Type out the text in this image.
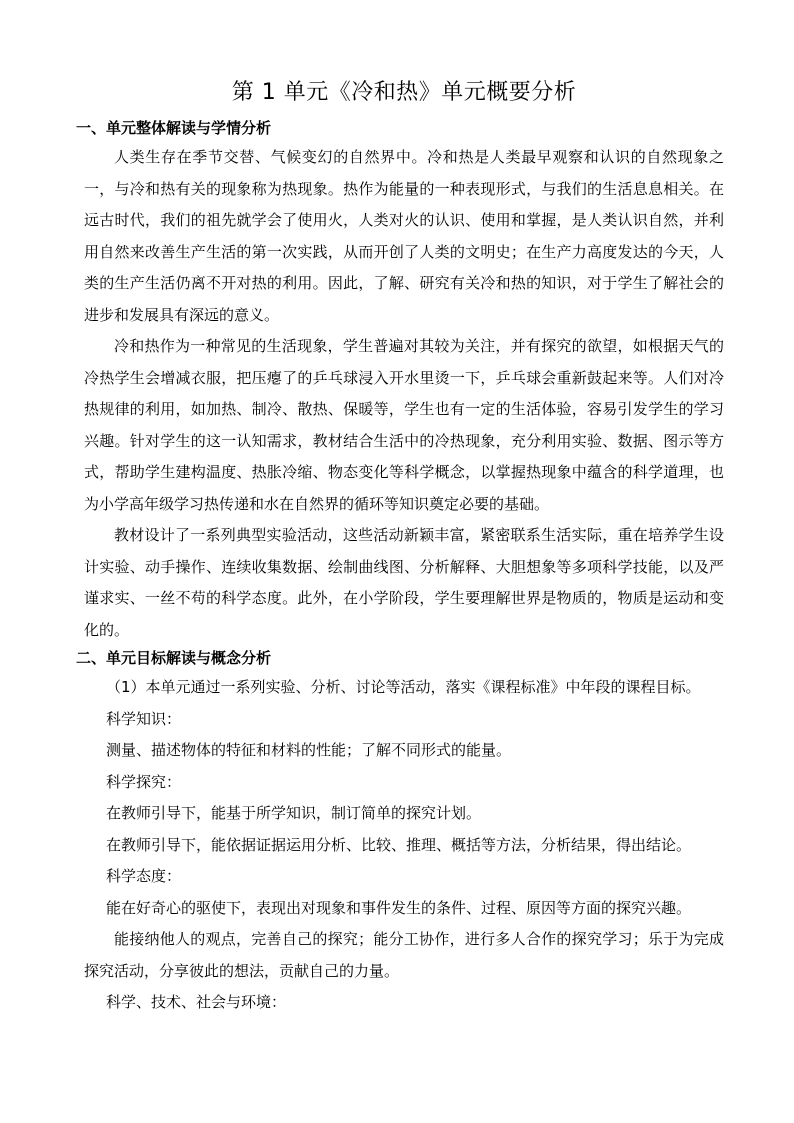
第 1 单元《冷和热》单元概要分析
一、单元整体解读与学情分析

人类生存在季节交替、气候变幻的自然界中。冷和热是人类最早观察和认识的自然现象之一，与冷和热有关的现象称为热现象。热作为能量的一种表现形式，与我们的生活息息相关。在远古时代，我们的祖先就学会了使用火，人类对火的认识、使用和掌握，是人类认识自然，并利用自然来改善生产生活的第一次实践，从而开创了人类的文明史；在生产力高度发达的今天，人类的生产生活仍离不开对热的利用。因此，了解、研究有关冷和热的知识，对于学生了解社会的进步和发展具有深远的意义。

冷和热作为一种常见的生活现象，学生普遍对其较为关注，并有探究的欲望，如根据天气的冷热学生会增减衣服，把压瘪了的乒乓球浸入开水里烫一下，乒乓球会重新鼓起来等。人们对冷热规律的利用，如加热、制冷、散热、保暖等，学生也有一定的生活体验，容易引发学生的学习兴趣。针对学生的这一认知需求，教材结合生活中的冷热现象，充分利用实验、数据、图示等方式，帮助学生建构温度、热胀冷缩、物态变化等科学概念，以掌握热现象中蕴含的科学道理，也为小学高年级学习热传递和水在自然界的循环等知识奠定必要的基础。

教材设计了一系列典型实验活动，这些活动新颖丰富，紧密联系生活实际，重在培养学生设计实验、动手操作、连续收集数据、绘制曲线图、分析解释、大胆想象等多项科学技能，以及严谨求实、一丝不苟的科学态度。此外，在小学阶段，学生要理解世界是物质的，物质是运动和变化的。

二、单元目标解读与概念分析

（1）本单元通过一系列实验、分析、讨论等活动，落实《课程标准》中年段的课程目标。

科学知识：

测量、描述物体的特征和材料的性能；了解不同形式的能量。

科学探究：

在教师引导下，能基于所学知识，制订简单的探究计划。

在教师引导下，能依据证据运用分析、比较、推理、概括等方法，分析结果，得出结论。

科学态度：

能在好奇心的驱使下，表现出对现象和事件发生的条件、过程、原因等方面的探究兴趣。

能接纳他人的观点，完善自己的探究；能分工协作，进行多人合作的探究学习；乐于为完成探究活动，分享彼此的想法，贡献自己的力量。

科学、技术、社会与环境：
